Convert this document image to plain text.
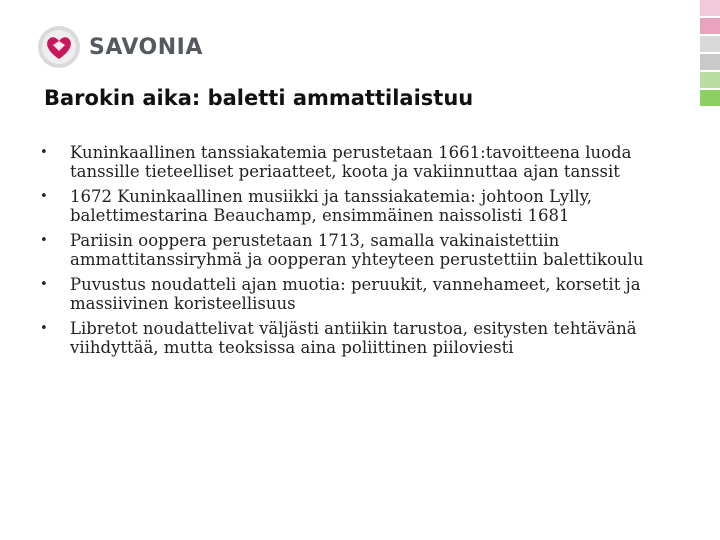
SAVONIA
Barokin aika: baletti ammattilaistuu
• Kuninkaallinen tanssiakatemia perustetaan 1661:tavoitteena luoda tanssille tieteelliset periaatteet, koota ja vakiinnuttaa ajan tanssit
• 1672 Kuninkaallinen musiikki ja tanssiakatemia: johtoon Lylly, balettimestarina Beauchamp, ensimmäinen naissolisti 1681
• Pariisin ooppera perustetaan 1713, samalla vakinaistettiin ammattitanssiryhmä ja oopperan yhteyteen perustettiin balettikoulu
• Puvustus noudatteli ajan muotia: peruukit, vannehameet, korsetit ja massiivinen koristeellisuus
• Libretot noudattelivat väljästi antiikin tarustoa, esitysten tehtävänä viihdyttää, mutta teoksissa aina poliittinen piiloviesti
